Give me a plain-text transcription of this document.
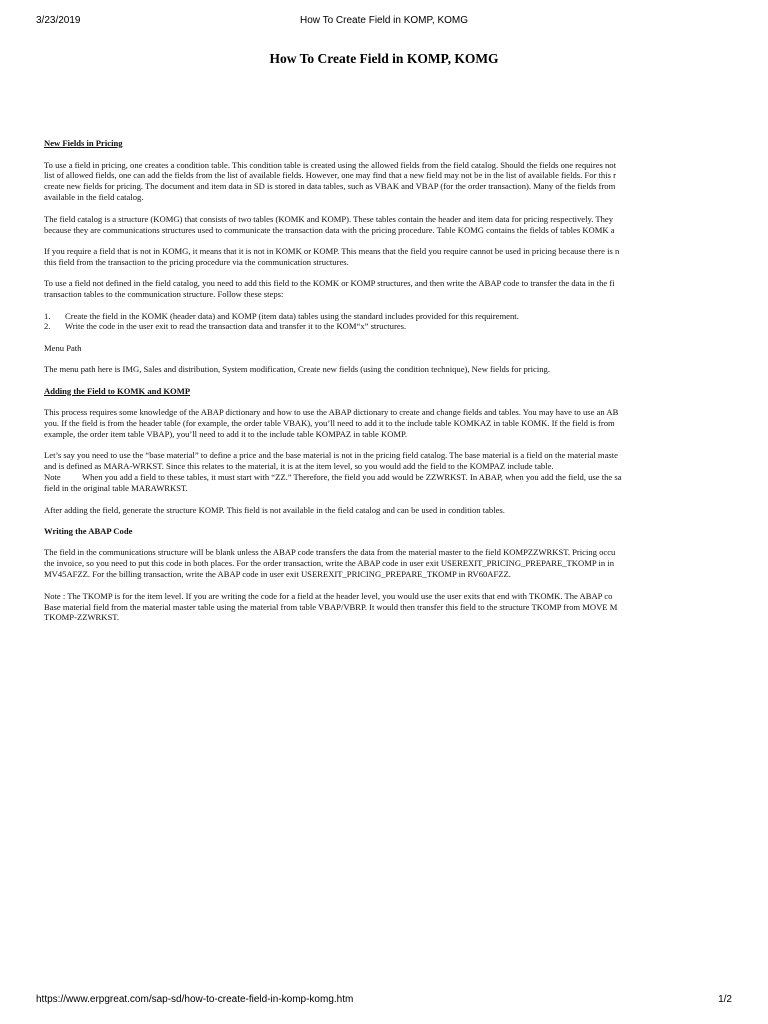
3/23/2019	How To Create Field in KOMP, KOMG
How To Create Field in KOMP, KOMG

New Fields in Pricing

To use a field in pricing, one creates a condition table. This condition table is created using the allowed fields from the field catalog. Should the fields one requires not
list of allowed fields, one can add the fields from the list of available fields. However, one may find that a new field may not be in the list of available fields. For this r
create new fields for pricing. The document and item data in SD is stored in data tables, such as VBAK and VBAP (for the order transaction). Many of the fields from
available in the field catalog.

The field catalog is a structure (KOMG) that consists of two tables (KOMK and KOMP). These tables contain the header and item data for pricing respectively. They
because they are communications structures used to communicate the transaction data with the pricing procedure. Table KOMG contains the fields of tables KOMK a

If you require a field that is not in KOMG, it means that it is not in KOMK or KOMP. This means that the field you require cannot be used in pricing because there is n
this field from the transaction to the pricing procedure via the communication structures.

To use a field not defined in the field catalog, you need to add this field to the KOMK or KOMP structures, and then write the ABAP code to transfer the data in the fi
transaction tables to the communication structure. Follow these steps:

1. Create the field in the KOMK (header data) and KOMP (item data) tables using the standard includes provided for this requirement.
2. Write the code in the user exit to read the transaction data and transfer it to the KOM“x” structures.

Menu Path

The menu path here is IMG, Sales and distribution, System modification, Create new fields (using the condition technique), New fields for pricing.

Adding the Field to KOMK and KOMP

This process requires some knowledge of the ABAP dictionary and how to use the ABAP dictionary to create and change fields and tables. You may have to use an AB
you. If the field is from the header table (for example, the order table VBAK), you’ll need to add it to the include table KOMKAZ in table KOMK. If the field is from
example, the order item table VBAP), you’ll need to add it to the include table KOMPAZ in table KOMP.

Let’s say you need to use the “base material” to define a price and the base material is not in the pricing field catalog. The base material is a field on the material maste
and is defined as MARA-WRKST. Since this relates to the material, it is at the item level, so you would add the field to the KOMPAZ include table.
Note When you add a field to these tables, it must start with “ZZ.” Therefore, the field you add would be ZZWRKST. In ABAP, when you add the field, use the sa
field in the original table MARAWRKST.

After adding the field, generate the structure KOMP. This field is not available in the field catalog and can be used in condition tables.

Writing the ABAP Code

The field in the communications structure will be blank unless the ABAP code transfers the data from the material master to the field KOMPZZWRKST. Pricing occu
the invoice, so you need to put this code in both places. For the order transaction, write the ABAP code in user exit USEREXIT_PRICING_PREPARE_TKOMP in in
MV45AFZZ. For the billing transaction, write the ABAP code in user exit USEREXIT_PRICING_PREPARE_TKOMP in RV60AFZZ.

Note : The TKOMP is for the item level. If you are writing the code for a field at the header level, you would use the user exits that end with TKOMK. The ABAP co
Base material field from the material master table using the material from table VBAP/VBRP. It would then transfer this field to the structure TKOMP from MOVE M
TKOMP-ZZWRKST.

https://www.erpgreat.com/sap-sd/how-to-create-field-in-komp-komg.htm	1/2
